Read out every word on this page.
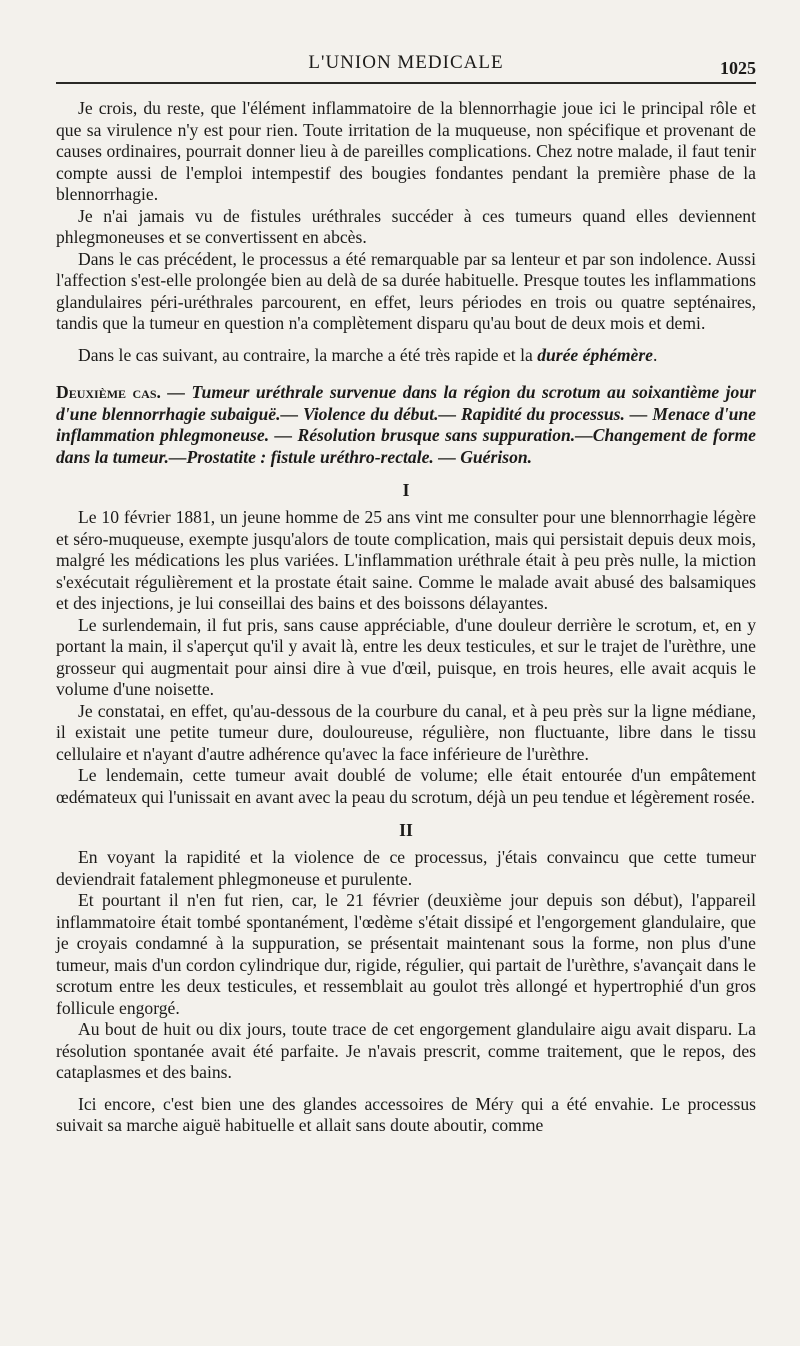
L'UNION MEDICALE	1025

Je crois, du reste, que l'élément inflammatoire de la blennorrhagie joue ici le principal rôle et que sa virulence n'y est pour rien. Toute irritation de la muqueuse, non spécifique et provenant de causes ordinaires, pourrait donner lieu à de pareilles complications. Chez notre malade, il faut tenir compte aussi de l'emploi intempestif des bougies fondantes pendant la première phase de la blennorrhagie.

Je n'ai jamais vu de fistules uréthrales succéder à ces tumeurs quand elles deviennent phlegmoneuses et se convertissent en abcès.

Dans le cas précédent, le processus a été remarquable par sa lenteur et par son indolence. Aussi l'affection s'est-elle prolongée bien au delà de sa durée habituelle. Presque toutes les inflammations glandulaires péri-uréthrales parcourent, en effet, leurs périodes en trois ou quatre septénaires, tandis que la tumeur en question n'a complètement disparu qu'au bout de deux mois et demi.

Dans le cas suivant, au contraire, la marche a été très rapide et la durée éphémère.

Deuxième cas. — Tumeur uréthrale survenue dans la région du scrotum au soixantième jour d'une blennorrhagie subaiguë.— Violence du début.— Rapidité du processus. — Menace d'une inflammation phlegmoneuse. — Résolution brusque sans suppuration.—Changement de forme dans la tumeur.—Prostatite : fistule uréthro-rectale. — Guérison.
I

Le 10 février 1881, un jeune homme de 25 ans vint me consulter pour une blennorrhagie légère et séro-muqueuse, exempte jusqu'alors de toute complication, mais qui persistait depuis deux mois, malgré les médications les plus variées. L'inflammation uréthrale était à peu près nulle, la miction s'exécutait régulièrement et la prostate était saine. Comme le malade avait abusé des balsamiques et des injections, je lui conseillai des bains et des boissons délayantes.

Le surlendemain, il fut pris, sans cause appréciable, d'une douleur derrière le scrotum, et, en y portant la main, il s'aperçut qu'il y avait là, entre les deux testicules, et sur le trajet de l'urèthre, une grosseur qui augmentait pour ainsi dire à vue d'œil, puisque, en trois heures, elle avait acquis le volume d'une noisette.

Je constatai, en effet, qu'au-dessous de la courbure du canal, et à peu près sur la ligne médiane, il existait une petite tumeur dure, douloureuse, régulière, non fluctuante, libre dans le tissu cellulaire et n'ayant d'autre adhérence qu'avec la face inférieure de l'urèthre.

Le lendemain, cette tumeur avait doublé de volume; elle était entourée d'un empâtement œdémateux qui l'unissait en avant avec la peau du scrotum, déjà un peu tendue et légèrement rosée.

II

En voyant la rapidité et la violence de ce processus, j'étais convaincu que cette tumeur deviendrait fatalement phlegmoneuse et purulente.

Et pourtant il n'en fut rien, car, le 21 février (deuxième jour depuis son début), l'appareil inflammatoire était tombé spontanément, l'œdème s'était dissipé et l'engorgement glandulaire, que je croyais condamné à la suppuration, se présentait maintenant sous la forme, non plus d'une tumeur, mais d'un cordon cylindrique dur, rigide, régulier, qui partait de l'urèthre, s'avançait dans le scrotum entre les deux testicules, et ressemblait au goulot très allongé et hypertrophié d'un gros follicule engorgé.

Au bout de huit ou dix jours, toute trace de cet engorgement glandulaire aigu avait disparu. La résolution spontanée avait été parfaite. Je n'avais prescrit, comme traitement, que le repos, des cataplasmes et des bains.

Ici encore, c'est bien une des glandes accessoires de Méry qui a été envahie. Le processus suivait sa marche aiguë habituelle et allait sans doute aboutir, comme
